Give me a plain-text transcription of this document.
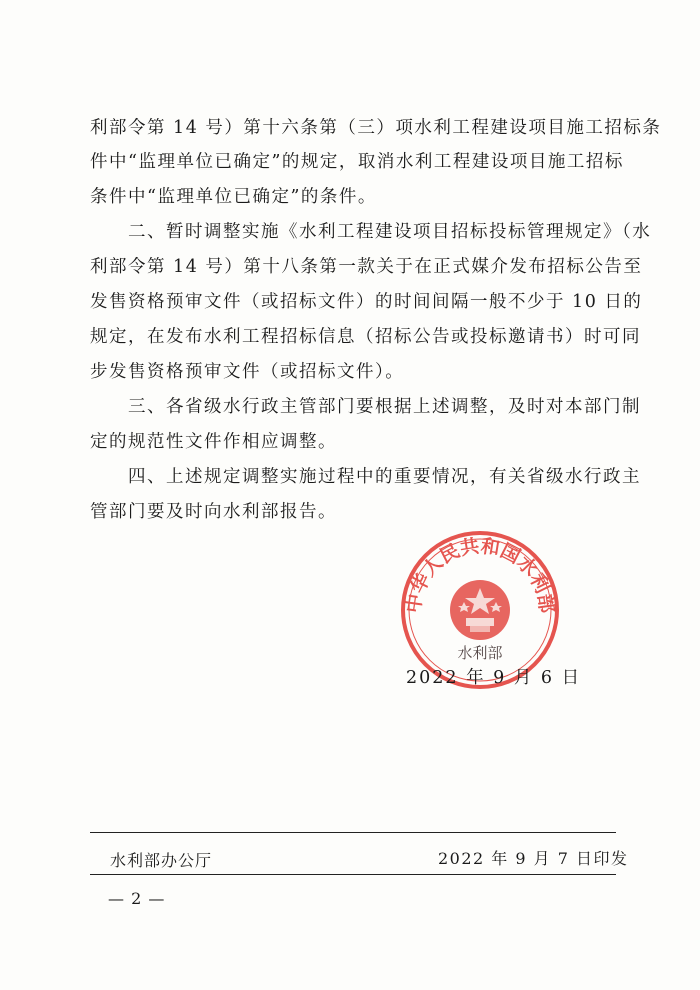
利部令第 14 号）第十六条第（三）项水利工程建设项目施工招标条
件中“监理单位已确定”的规定，取消水利工程建设项目施工招标
条件中“监理单位已确定”的条件。
　　二、暂时调整实施《水利工程建设项目招标投标管理规定》（水
利部令第 14 号）第十八条第一款关于在正式媒介发布招标公告至
发售资格预审文件（或招标文件）的时间间隔一般不少于 10 日的
规定，在发布水利工程招标信息（招标公告或投标邀请书）时可同
步发售资格预审文件（或招标文件）。
　　三、各省级水行政主管部门要根据上述调整，及时对本部门制
定的规范性文件作相应调整。
　　四、上述规定调整实施过程中的重要情况，有关省级水行政主
管部门要及时向水利部报告。
中华人民共和国水利部
水利部
2022 年 9 月 6 日
水利部办公厅	2022 年 9 月 7 日印发
— 2 —
